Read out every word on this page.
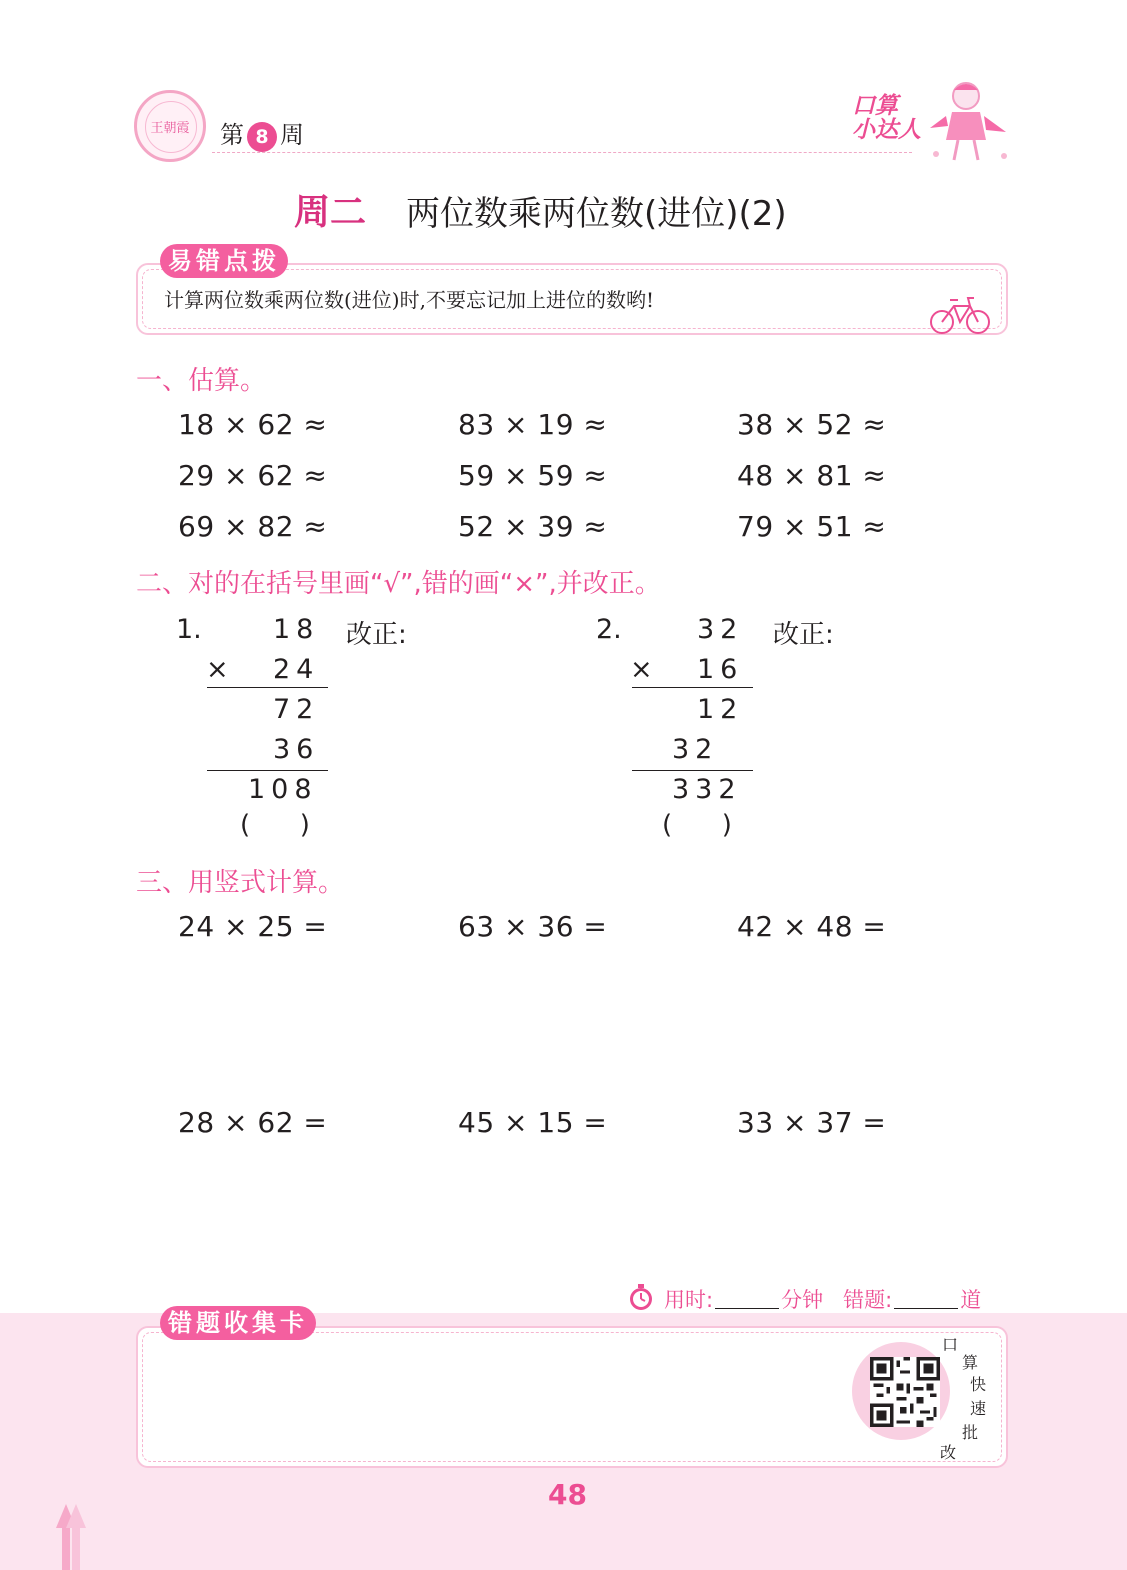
王朝霞	第 8 周
口算
小达人
周二 两位数乘两位数(进位)(2)
易错点拨
计算两位数乘两位数(进位)时,不要忘记加上进位的数哟!
一、估算。
18 × 62 ≈	83 × 19 ≈	38 × 52 ≈
29 × 62 ≈	59 × 59 ≈	48 × 81 ≈
69 × 82 ≈	52 × 39 ≈	79 × 51 ≈
二、对的在括号里画“√”,错的画“×”,并改正。
1.	18 改正:
× 24
72
36
108
(      )
2.	32 改正:
× 16
12
32
332
(      )
三、用竖式计算。
24 × 25 =	63 × 36 =	42 × 48 =
28 × 62 =	45 × 15 =	33 × 37 =
用时:	分钟 错题:	道
错题收集卡
口
算
快
速
批
改
48
